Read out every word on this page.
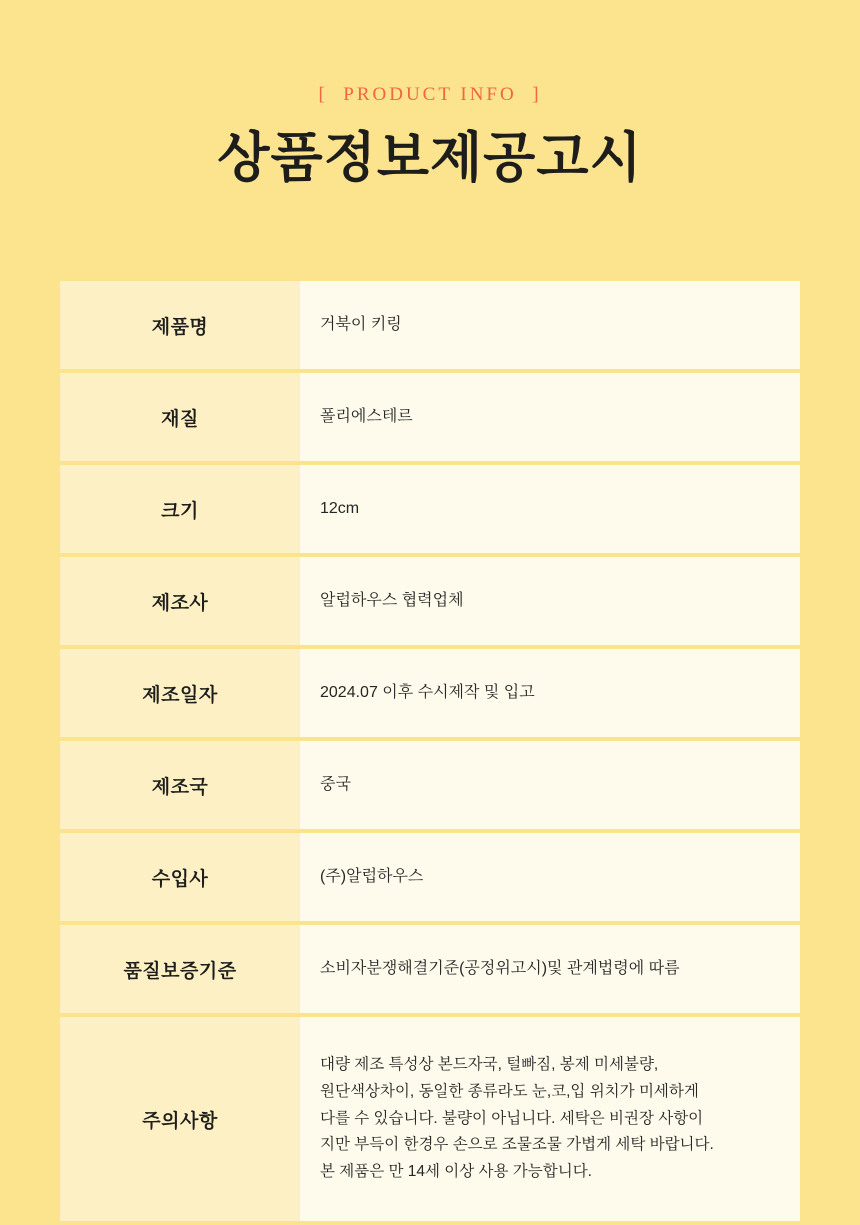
[  PRODUCT INFO  ]

상품정보제공고시
제품명	거북이 키링
재질	폴리에스테르
크기	12cm
제조사	알럽하우스 협력업체
제조일자	2024.07 이후 수시제작 및 입고
제조국	중국
수입사	(주)알럽하우스
품질보증기준	소비자분쟁해결기준(공정위고시)및 관계법령에 따름
주의사항	대량 제조 특성상 본드자국, 털빠짐, 봉제 미세불량,
원단색상차이, 동일한 종류라도 눈,코,입 위치가 미세하게
다를 수 있습니다. 불량이 아닙니다. 세탁은 비권장 사항이
지만 부득이 한경우 손으로 조물조물 가볍게 세탁 바랍니다.
본 제품은 만 14세 이상 사용 가능합니다.
